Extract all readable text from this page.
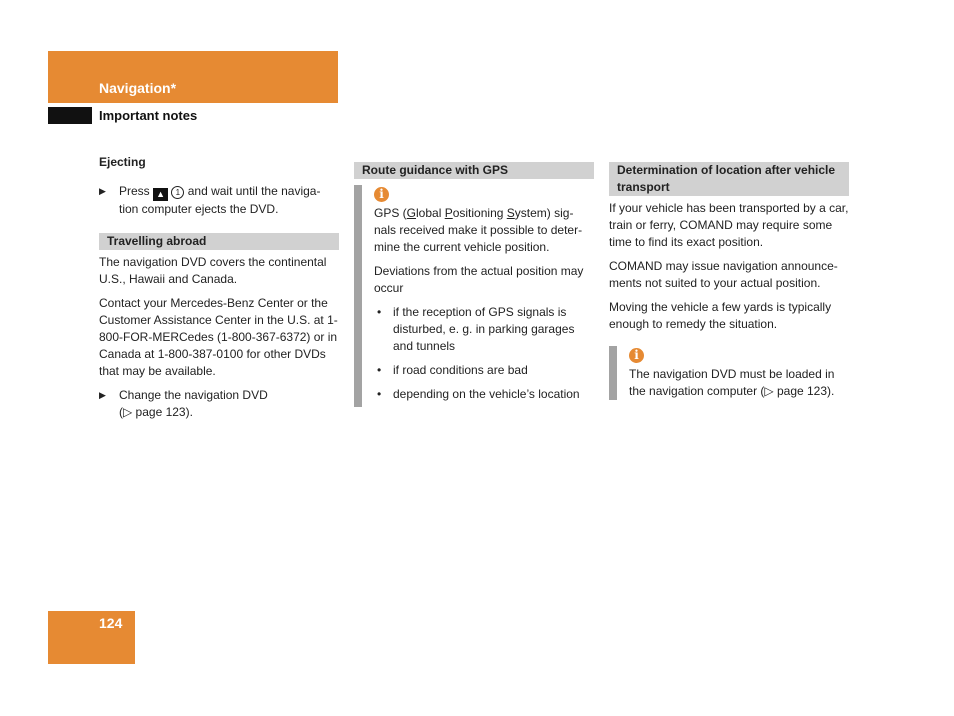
Navigation*
Important notes
Ejecting
▶ Press ▲ 1 and wait until the naviga-tion computer ejects the DVD.
Travelling abroad

The navigation DVD covers the continental U.S., Hawaii and Canada.

Contact your Mercedes-Benz Center or the Customer Assistance Center in the U.S. at 1-800-FOR-MERCedes (1-800-367-6372) or in Canada at 1-800-387-0100 for other DVDs that may be available.

▶ Change the navigation DVD
(▷ page 123).
Route guidance with GPS
i

GPS (Global Positioning System) sig-nals received make it possible to deter-mine the current vehicle position.

Deviations from the actual position may occur

• if the reception of GPS signals is disturbed, e. g. in parking garages and tunnels
• if road conditions are bad
• depending on the vehicle’s location
Determination of location after vehicle transport

If your vehicle has been transported by a car, train or ferry, COMAND may require some time to find its exact position.

COMAND may issue navigation announce-ments not suited to your actual position.

Moving the vehicle a few yards is typically enough to remedy the situation.

i

The navigation DVD must be loaded in the navigation computer (▷ page 123).

124
